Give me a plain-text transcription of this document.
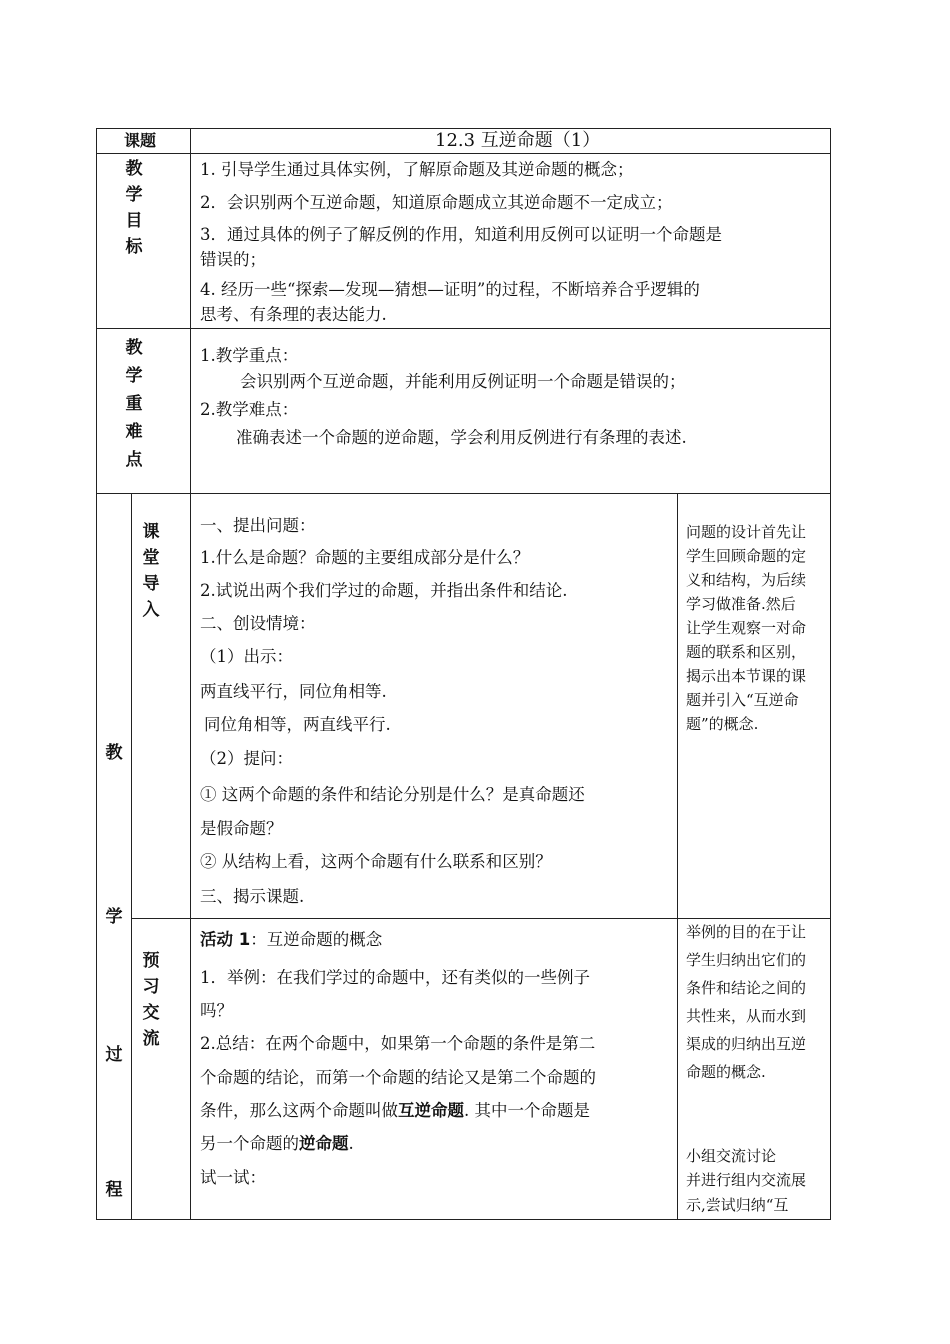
课题	12.3 互逆命题（1）
教
学
目
标
1. 引导学生通过具体实例，了解原命题及其逆命题的概念；
2．会识别两个互逆命题，知道原命题成立其逆命题不一定成立；
3．通过具体的例子了解反例的作用，知道利用反例可以证明一个命题是
错误的；
4. 经历一些“探索—发现—猜想—证明”的过程，不断培养合乎逻辑的
思考、有条理的表达能力.
教
学
重
难
点
1.教学重点：
会识别两个互逆命题，并能利用反例证明一个命题是错误的；
2.教学难点：
准确表述一个命题的逆命题，学会利用反例进行有条理的表述.
教
学
过
程
课
堂
导
入
一、提出问题：
1.什么是命题？命题的主要组成部分是什么？
2.试说出两个我们学过的命题，并指出条件和结论.
二、创设情境：
（1）出示：
两直线平行，同位角相等.
同位角相等，两直线平行.
（2）提问：
① 这两个命题的条件和结论分别是什么？是真命题还
是假命题？
② 从结构上看，这两个命题有什么联系和区别？
三、揭示课题.
问题的设计首先让
学生回顾命题的定
义和结构，为后续
学习做准备.然后
让学生观察一对命
题的联系和区别，
揭示出本节课的课
题并引入“互逆命
题”的概念.
预
习
交
流
活动 1：互逆命题的概念
1．举例：在我们学过的命题中，还有类似的一些例子
吗？
2.总结：在两个命题中，如果第一个命题的条件是第二
个命题的结论，而第一个命题的结论又是第二个命题的
条件，那么这两个命题叫做互逆命题. 其中一个命题是
另一个命题的逆命题.
试一试：
举例的目的在于让
学生归纳出它们的
条件和结论之间的
共性来，从而水到
渠成的归纳出互逆
命题的概念.
小组交流讨论
并进行组内交流展
示,尝试归纳“互
